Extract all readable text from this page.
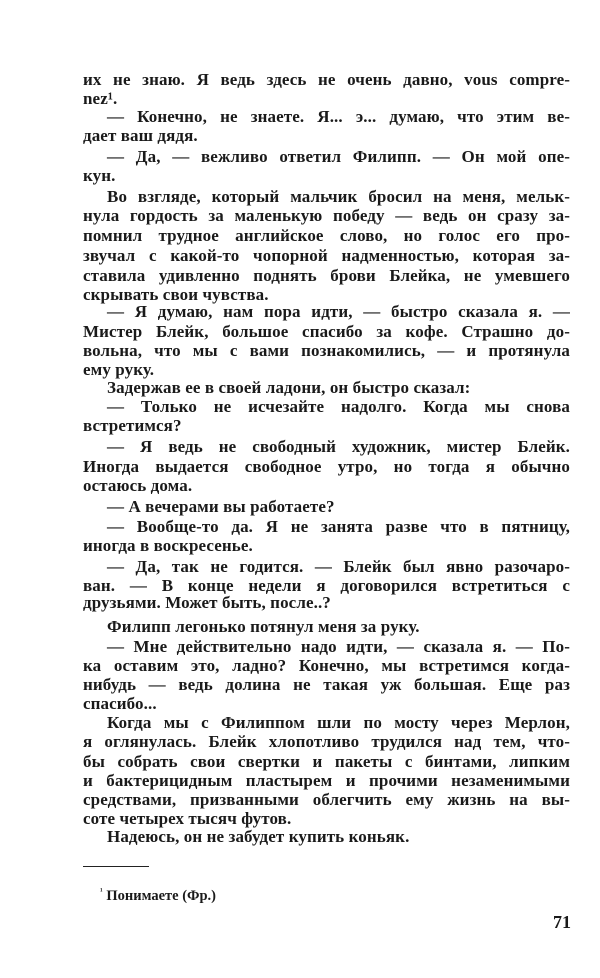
их не знаю. Я ведь здесь не очень давно, vous compre-
nez¹.
— Конечно, не знаете. Я... э... думаю, что этим ве-
дает ваш дядя.
— Да, — вежливо ответил Филипп. — Он мой опе-
кун.
Во взгляде, который мальчик бросил на меня, мельк-
нула гордость за маленькую победу — ведь он сразу за-
помнил трудное английское слово, но голос его про-
звучал с какой-то чопорной надменностью, которая за-
ставила удивленно поднять брови Блейка, не умевшего
скрывать свои чувства.
— Я думаю, нам пора идти, — быстро сказала я. —
Мистер Блейк, большое спасибо за кофе. Страшно до-
вольна, что мы с вами познакомились, — и протянула
ему руку.
Задержав ее в своей ладони, он быстро сказал:
— Только не исчезайте надолго. Когда мы снова
встретимся?
— Я ведь не свободный художник, мистер Блейк.
Иногда выдается свободное утро, но тогда я обычно
остаюсь дома.
— А вечерами вы работаете?
— Вообще-то да. Я не занята разве что в пятницу,
иногда в воскресенье.
— Да, так не годится. — Блейк был явно разочаро-
ван. — В конце недели я договорился встретиться с
друзьями. Может быть, после..?
Филипп легонько потянул меня за руку.
— Мне действительно надо идти, — сказала я. — По-
ка оставим это, ладно? Конечно, мы встретимся когда-
нибудь — ведь долина не такая уж большая. Еще раз
спасибо...
Когда мы с Филиппом шли по мосту через Мерлон,
я оглянулась. Блейк хлопотливо трудился над тем, что-
бы собрать свои свертки и пакеты с бинтами, липким
и бактерицидным пластырем и прочими незаменимыми
средствами, призванными облегчить ему жизнь на вы-
соте четырех тысяч футов.
Надеюсь, он не забудет купить коньяк.
$^{^1}$ Понимаете (Фр.)
71
